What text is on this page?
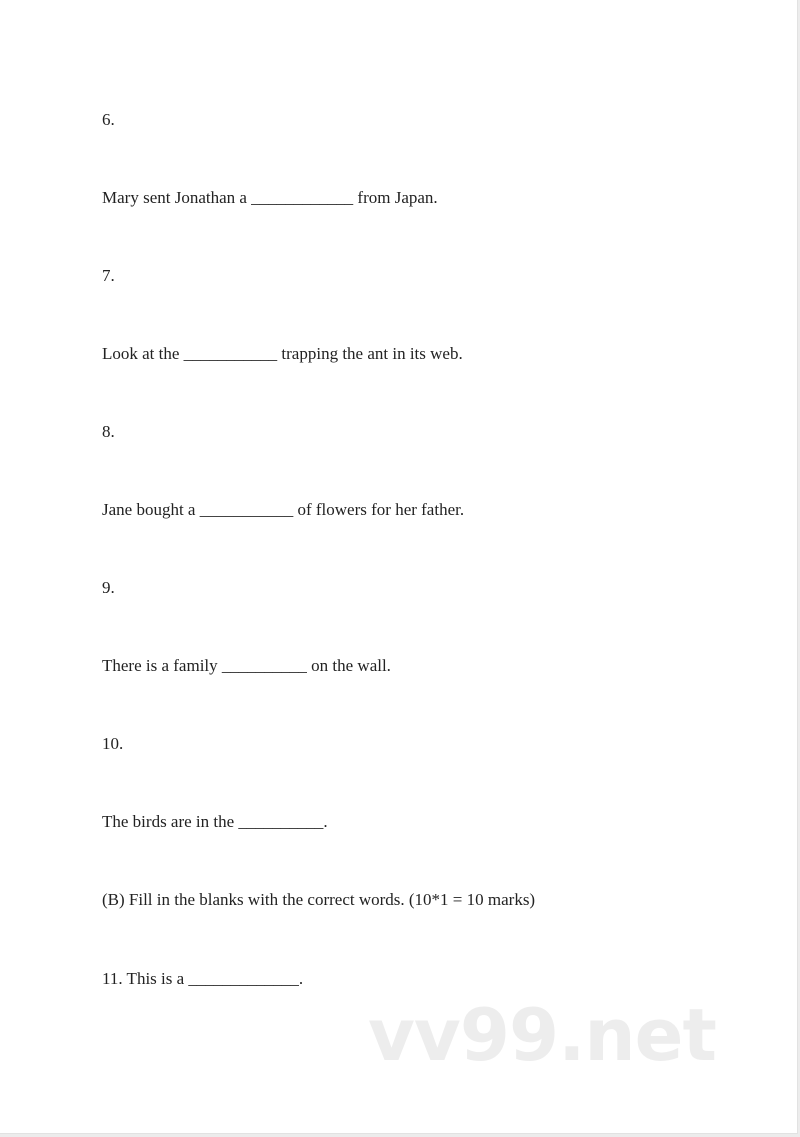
6.
Mary sent Jonathan a ____________ from Japan.
7.
Look at the ___________ trapping the ant in its web.
8.
Jane bought a ___________ of flowers for her father.
9.
There is a family __________ on the wall.
10.
The birds are in the __________.
(B) Fill in the blanks with the correct words. (10*1 = 10 marks)
11. This is a _____________.
vv99.net
